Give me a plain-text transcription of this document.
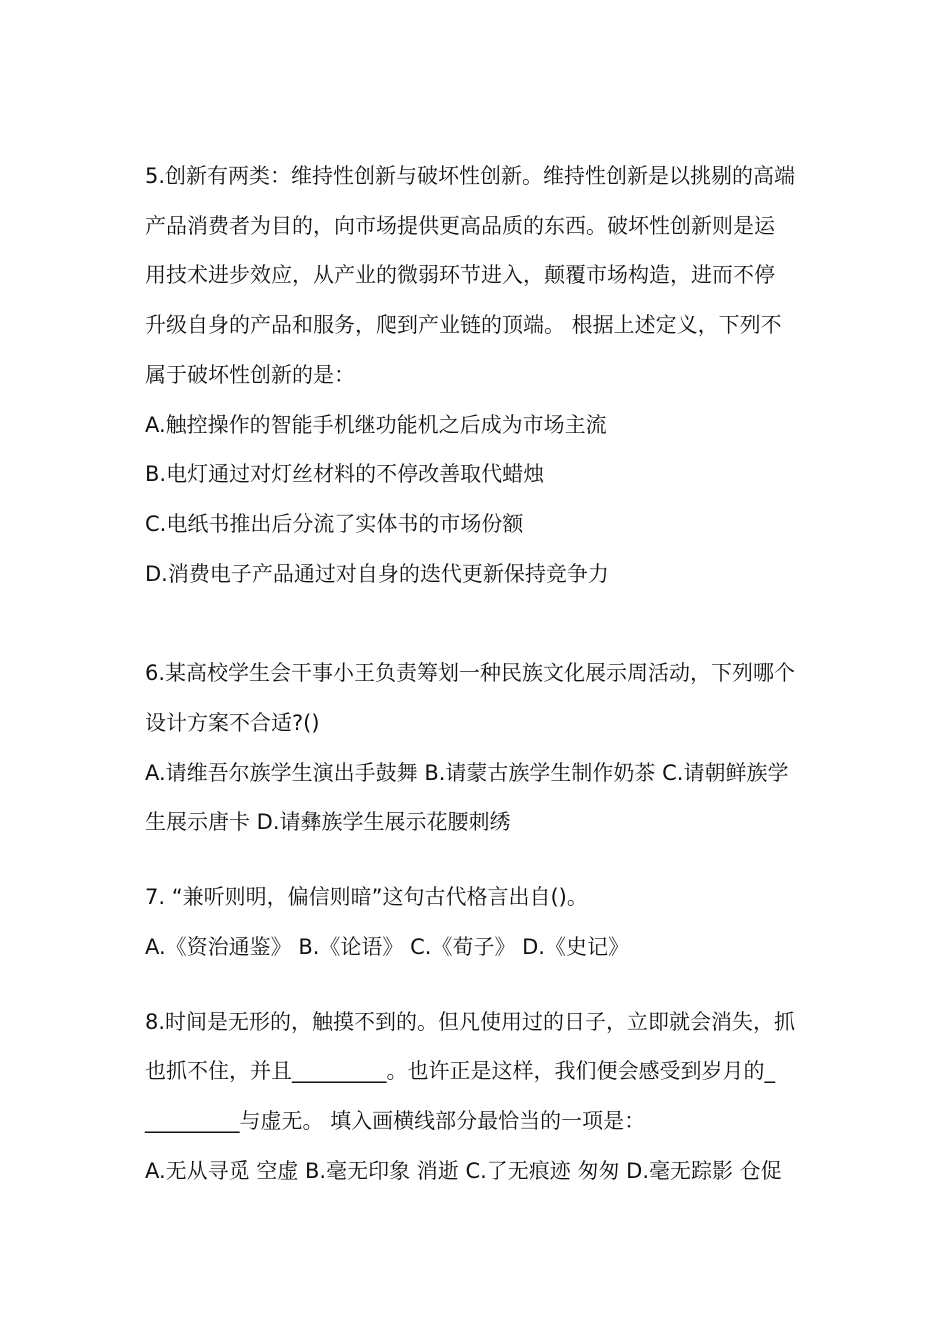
5.创新有两类：维持性创新与破坏性创新。维持性创新是以挑剔的高端
产品消费者为目的，向市场提供更高品质的东西。破坏性创新则是运
用技术进步效应，从产业的微弱环节进入，颠覆市场构造，进而不停
升级自身的产品和服务，爬到产业链的顶端。 根据上述定义，下列不
属于破坏性创新的是：
A.触控操作的智能手机继功能机之后成为市场主流
B.电灯通过对灯丝材料的不停改善取代蜡烛
C.电纸书推出后分流了实体书的市场份额
D.消费电子产品通过对自身的迭代更新保持竞争力
6.某高校学生会干事小王负责筹划一种民族文化展示周活动，下列哪个
设计方案不合适?()
A.请维吾尔族学生演出手鼓舞 B.请蒙古族学生制作奶茶 C.请朝鲜族学
生展示唐卡 D.请彝族学生展示花腰刺绣
7. “兼听则明，偏信则暗”这句古代格言出自()。
A.《资治通鉴》 B.《论语》 C.《荀子》 D.《史记》
8.时间是无形的，触摸不到的。但凡使用过的日子，立即就会消失，抓
也抓不住，并且_________。也许正是这样，我们便会感受到岁月的_
_________与虚无。 填入画横线部分最恰当的一项是：
A.无从寻觅 空虚 B.毫无印象 消逝 C.了无痕迹 匆匆 D.毫无踪影 仓促
